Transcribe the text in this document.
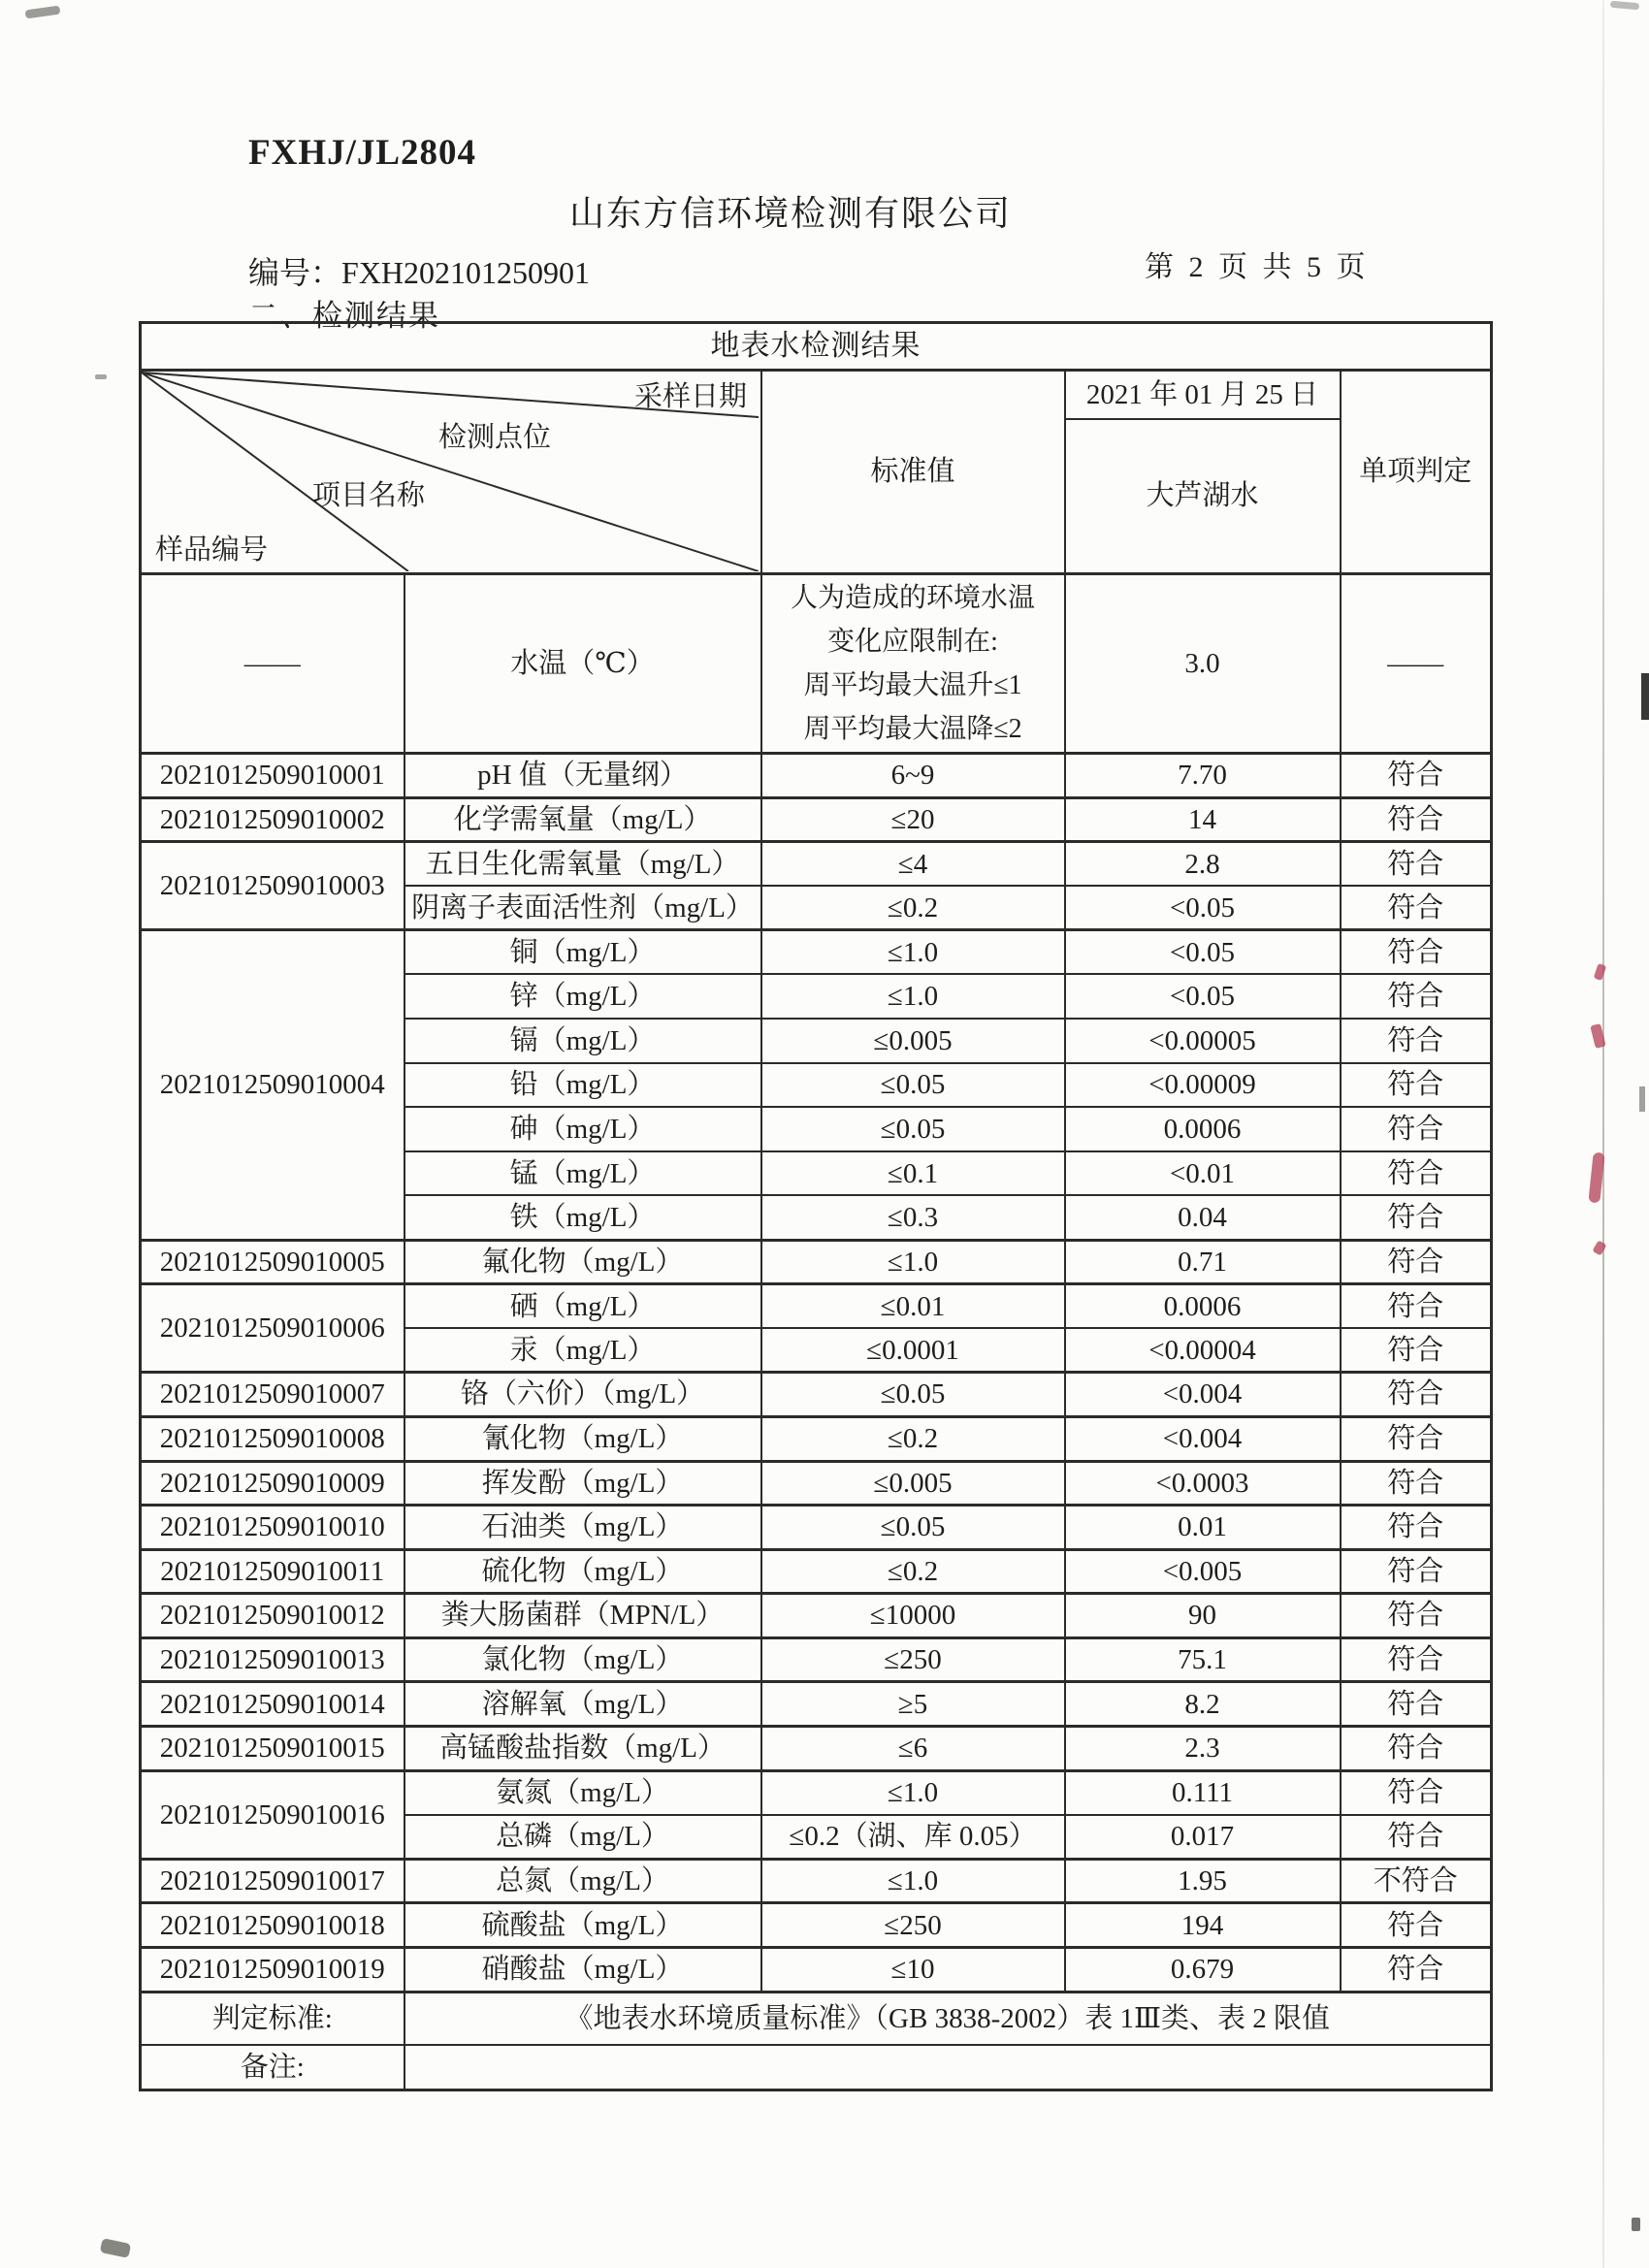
FXHJ/JL2804
山东方信环境检测有限公司
编号：FXH202101250901	第 2 页 共 5 页
二、检测结果
地表水检测结果				

采样日期
检测点位
项目名称
样品编号		标准值	2021 年 01 月 25 日	单项判定
			大芦湖水	
——	水温（℃）	人为造成的环境水温
变化应限制在:
周平均最大温升≤1
周平均最大温降≤2	3.0	——
2021012509010001	pH 值（无量纲）	6~9	7.70	符合
2021012509010002	化学需氧量（mg/L）	≤20	14	符合
2021012509010003	五日生化需氧量（mg/L）	≤4	2.8	符合
	阴离子表面活性剂（mg/L）	≤0.2	<0.05	符合
2021012509010004	铜（mg/L）	≤1.0	<0.05	符合
	锌（mg/L）	≤1.0	<0.05	符合
	镉（mg/L）	≤0.005	<0.00005	符合
	铅（mg/L）	≤0.05	<0.00009	符合
	砷（mg/L）	≤0.05	0.0006	符合
	锰（mg/L）	≤0.1	<0.01	符合
	铁（mg/L）	≤0.3	0.04	符合
2021012509010005	氟化物（mg/L）	≤1.0	0.71	符合
2021012509010006	硒（mg/L）	≤0.01	0.0006	符合
	汞（mg/L）	≤0.0001	<0.00004	符合
2021012509010007	铬（六价）（mg/L）	≤0.05	<0.004	符合
2021012509010008	氰化物（mg/L）	≤0.2	<0.004	符合
2021012509010009	挥发酚（mg/L）	≤0.005	<0.0003	符合
2021012509010010	石油类（mg/L）	≤0.05	0.01	符合
2021012509010011	硫化物（mg/L）	≤0.2	<0.005	符合
2021012509010012	粪大肠菌群（MPN/L）	≤10000	90	符合
2021012509010013	氯化物（mg/L）	≤250	75.1	符合
2021012509010014	溶解氧（mg/L）	≥5	8.2	符合
2021012509010015	高锰酸盐指数（mg/L）	≤6	2.3	符合
2021012509010016	氨氮（mg/L）	≤1.0	0.111	符合
	总磷（mg/L）	≤0.2（湖、库 0.05）	0.017	符合
2021012509010017	总氮（mg/L）	≤1.0	1.95	不符合
2021012509010018	硫酸盐（mg/L）	≤250	194	符合
2021012509010019	硝酸盐（mg/L）	≤10	0.679	符合
判定标准:	《地表水环境质量标准》（GB 3838-2002）表 1Ⅲ类、表 2 限值			
备注:				
